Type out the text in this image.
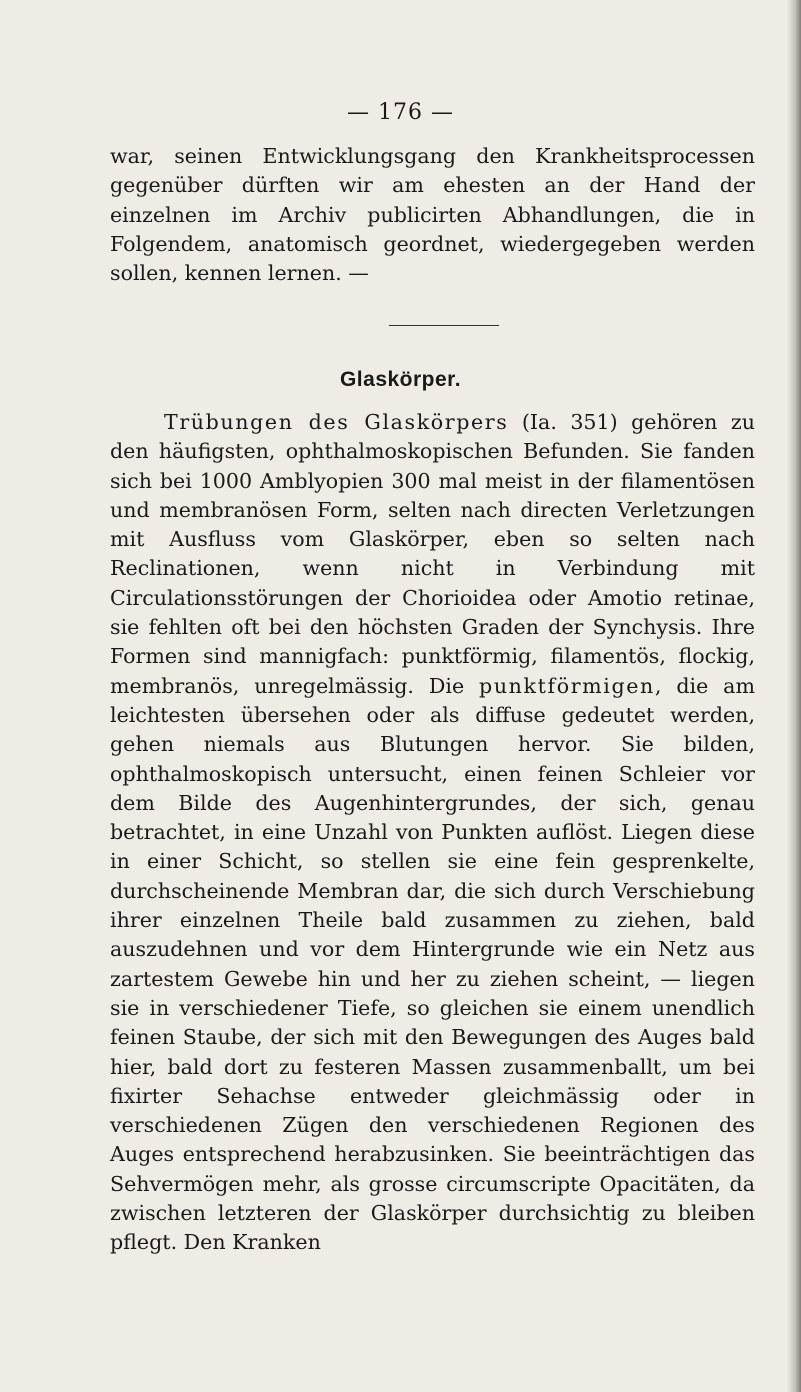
— 176 —

war, seinen Entwicklungsgang den Krankheitsprocessen gegenüber dürften wir am ehesten an der Hand der einzelnen im Archiv publicirten Abhandlungen, die in Folgendem, anatomisch geordnet, wiedergegeben werden sollen, kennen lernen. —

Glaskörper.

Trübungen des Glaskörpers (Ia. 351) gehören zu den häufigsten, ophthalmoskopischen Befunden. Sie fanden sich bei 1000 Amblyopien 300 mal meist in der filamentösen und membranösen Form, selten nach directen Verletzungen mit Ausfluss vom Glaskörper, eben so selten nach Reclinationen, wenn nicht in Verbindung mit Circulationsstörungen der Chorioidea oder Amotio retinae, sie fehlten oft bei den höchsten Graden der Synchysis. Ihre Formen sind mannigfach: punktförmig, filamentös, flockig, membranös, unregelmässig. Die punktförmigen, die am leichtesten übersehen oder als diffuse gedeutet werden, gehen niemals aus Blutungen hervor. Sie bilden, ophthalmoskopisch untersucht, einen feinen Schleier vor dem Bilde des Augenhintergrundes, der sich, genau betrachtet, in eine Unzahl von Punkten auflöst. Liegen diese in einer Schicht, so stellen sie eine fein gesprenkelte, durchscheinende Membran dar, die sich durch Verschiebung ihrer einzelnen Theile bald zusammen zu ziehen, bald auszudehnen und vor dem Hintergrunde wie ein Netz aus zartestem Gewebe hin und her zu ziehen scheint, — liegen sie in verschiedener Tiefe, so gleichen sie einem unendlich feinen Staube, der sich mit den Bewegungen des Auges bald hier, bald dort zu festeren Massen zusammenballt, um bei fixirter Sehachse entweder gleichmässig oder in verschiedenen Zügen den verschiedenen Regionen des Auges entsprechend herabzusinken. Sie beeinträchtigen das Sehvermögen mehr, als grosse circumscripte Opacitäten, da zwischen letzteren der Glaskörper durchsichtig zu bleiben pflegt. Den Kranken
